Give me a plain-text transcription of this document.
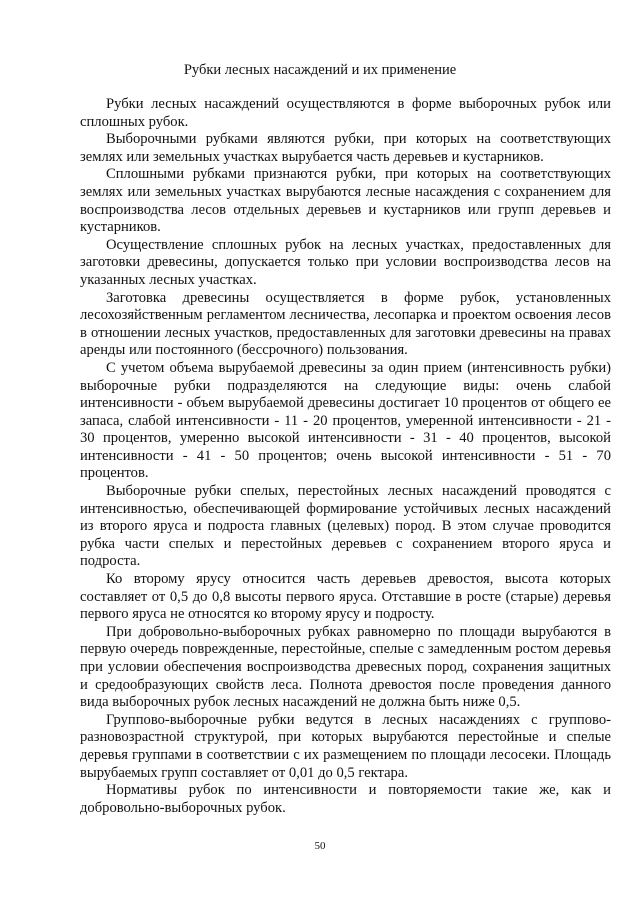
Рубки лесных насаждений и их применение

Рубки лесных насаждений осуществляются в форме выборочных рубок или сплошных рубок.

Выборочными рубками являются рубки, при которых на соответствующих землях или земельных участках вырубается часть деревьев и кустарников.

Сплошными рубками признаются рубки, при которых на соответствующих землях или земельных участках вырубаются лесные насаждения с сохранением для воспроизводства лесов отдельных деревьев и кустарников или групп деревьев и кустарников.

Осуществление сплошных рубок на лесных участках, предоставленных для заготовки древесины, допускается только при условии воспроизводства лесов на указанных лесных участках.

Заготовка древесины осуществляется в форме рубок, установленных лесохозяйственным регламентом лесничества, лесопарка и проектом освоения лесов в отношении лесных участков, предоставленных для заготовки древесины на правах аренды или постоянного (бессрочного) пользования.

С учетом объема вырубаемой древесины за один прием (интенсивность рубки) выборочные рубки подразделяются на следующие виды: очень слабой интенсивности - объем вырубаемой древесины достигает 10 процентов от общего ее запаса, слабой интенсивности - 11 - 20 процентов, умеренной интенсивности - 21 - 30 процентов, умеренно высокой интенсивности - 31 - 40 процентов, высокой интенсивности - 41 - 50 процентов; очень высокой интенсивности - 51 - 70 процентов.

Выборочные рубки спелых, перестойных лесных насаждений проводятся с интенсивностью, обеспечивающей формирование устойчивых лесных насаждений из второго яруса и подроста главных (целевых) пород. В этом случае проводится рубка части спелых и перестойных деревьев с сохранением второго яруса и подроста.

Ко второму ярусу относится часть деревьев древостоя, высота которых составляет от 0,5 до 0,8 высоты первого яруса. Отставшие в росте (старые) деревья первого яруса не относятся ко второму ярусу и подросту.

При добровольно-выборочных рубках равномерно по площади вырубаются в первую очередь поврежденные, перестойные, спелые с замедленным ростом деревья при условии обеспечения воспроизводства древесных пород, сохранения защитных и средообразующих свойств леса. Полнота древостоя после проведения данного вида выборочных рубок лесных насаждений не должна быть ниже 0,5.

Группово-выборочные рубки ведутся в лесных насаждениях с группово-разновозрастной структурой, при которых вырубаются перестойные и спелые деревья группами в соответствии с их размещением по площади лесосеки. Площадь вырубаемых групп составляет от 0,01 до 0,5 гектара.

Нормативы рубок по интенсивности и повторяемости такие же, как и добровольно-выборочных рубок.

50
